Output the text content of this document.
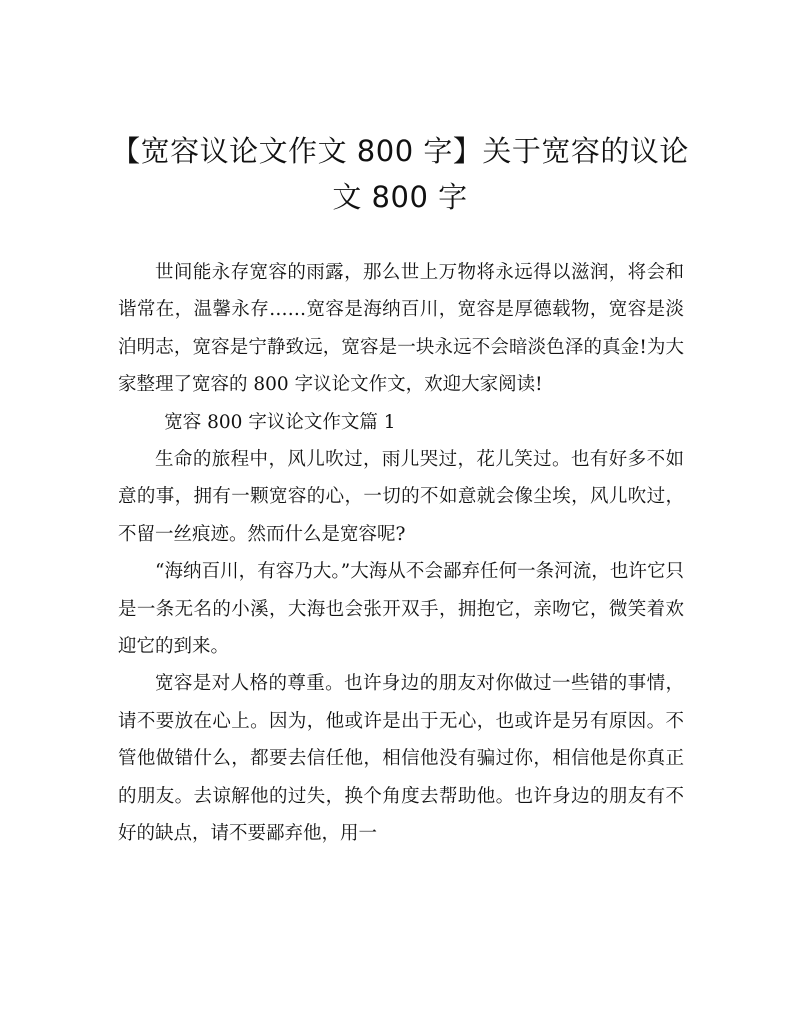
【宽容议论文作文 800 字】关于宽容的议论
文 800 字

世间能永存宽容的雨露，那么世上万物将永远得以滋润，将会和谐常在，温馨永存……宽容是海纳百川，宽容是厚德载物，宽容是淡泊明志，宽容是宁静致远，宽容是一块永远不会暗淡色泽的真金!为大家整理了宽容的 800 字议论文作文，欢迎大家阅读!

宽容 800 字议论文作文篇 1

生命的旅程中，风儿吹过，雨儿哭过，花儿笑过。也有好多不如意的事，拥有一颗宽容的心，一切的不如意就会像尘埃，风儿吹过，不留一丝痕迹。然而什么是宽容呢?

“海纳百川，有容乃大。”大海从不会鄙弃任何一条河流，也许它只是一条无名的小溪，大海也会张开双手，拥抱它，亲吻它，微笑着欢迎它的到来。

宽容是对人格的尊重。也许身边的朋友对你做过一些错的事情，请不要放在心上。因为，他或许是出于无心，也或许是另有原因。不管他做错什么，都要去信任他，相信他没有骗过你，相信他是你真正的朋友。去谅解他的过失，换个角度去帮助他。也许身边的朋友有不好的缺点，请不要鄙弃他，用一
